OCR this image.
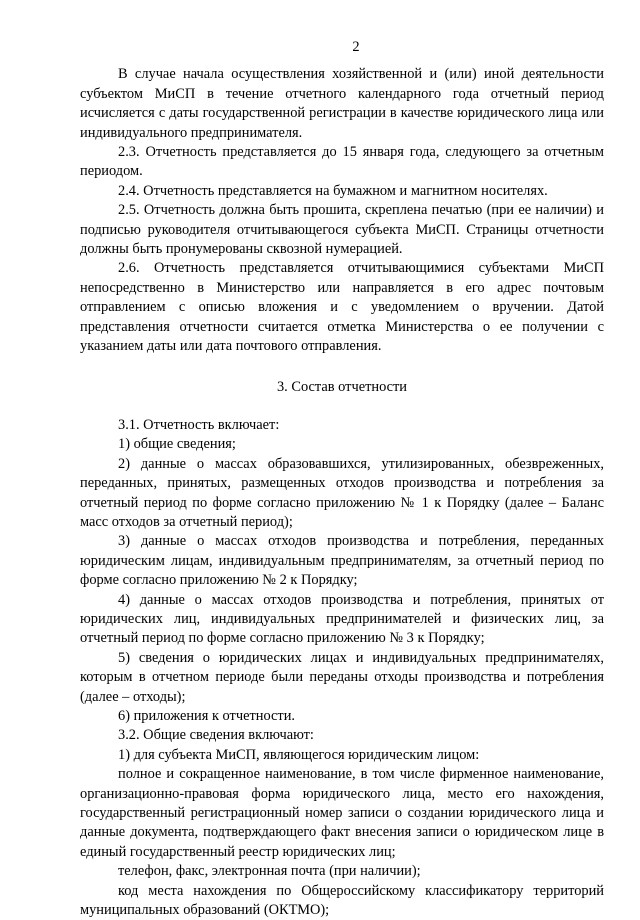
2

В случае начала осуществления хозяйственной и (или) иной деятельности субъектом МиСП в течение отчетного календарного года отчетный период исчисляется с даты государственной регистрации в качестве юридического лица или индивидуального предпринимателя.

2.3. Отчетность представляется до 15 января года, следующего за отчетным периодом.

2.4. Отчетность представляется на бумажном и магнитном носителях.

2.5. Отчетность должна быть прошита, скреплена печатью (при ее наличии) и подписью руководителя отчитывающегося субъекта МиСП. Страницы отчетности должны быть пронумерованы сквозной нумерацией.

2.6. Отчетность представляется отчитывающимися субъектами МиСП непосредственно в Министерство или направляется в его адрес почтовым отправлением с описью вложения и с уведомлением о вручении. Датой представления отчетности считается отметка Министерства о ее получении с указанием даты или дата почтового отправления.

3. Состав отчетности

3.1. Отчетность включает:

1) общие сведения;

2) данные о массах образовавшихся, утилизированных, обезвреженных, переданных, принятых, размещенных отходов производства и потребления за отчетный период по форме согласно приложению № 1 к Порядку (далее – Баланс масс отходов за отчетный период);

3) данные о массах отходов производства и потребления, переданных юридическим лицам, индивидуальным предпринимателям, за отчетный период по форме согласно приложению № 2 к Порядку;

4) данные о массах отходов производства и потребления, принятых от юридических лиц, индивидуальных предпринимателей и физических лиц, за отчетный период по форме согласно приложению № 3 к Порядку;

5) сведения о юридических лицах и индивидуальных предпринимателях, которым в отчетном периоде были переданы отходы производства и потребления (далее – отходы);

6) приложения к отчетности.

3.2. Общие сведения включают:

1) для субъекта МиСП, являющегося юридическим лицом:

полное и сокращенное наименование, в том числе фирменное наименование, организационно-правовая форма юридического лица, место его нахождения, государственный регистрационный номер записи о создании юридического лица и данные документа, подтверждающего факт внесения записи о юридическом лице в единый государственный реестр юридических лиц;

телефон, факс, электронная почта (при наличии);

код места нахождения по Общероссийскому классификатору территорий муниципальных образований (ОКТМО);
